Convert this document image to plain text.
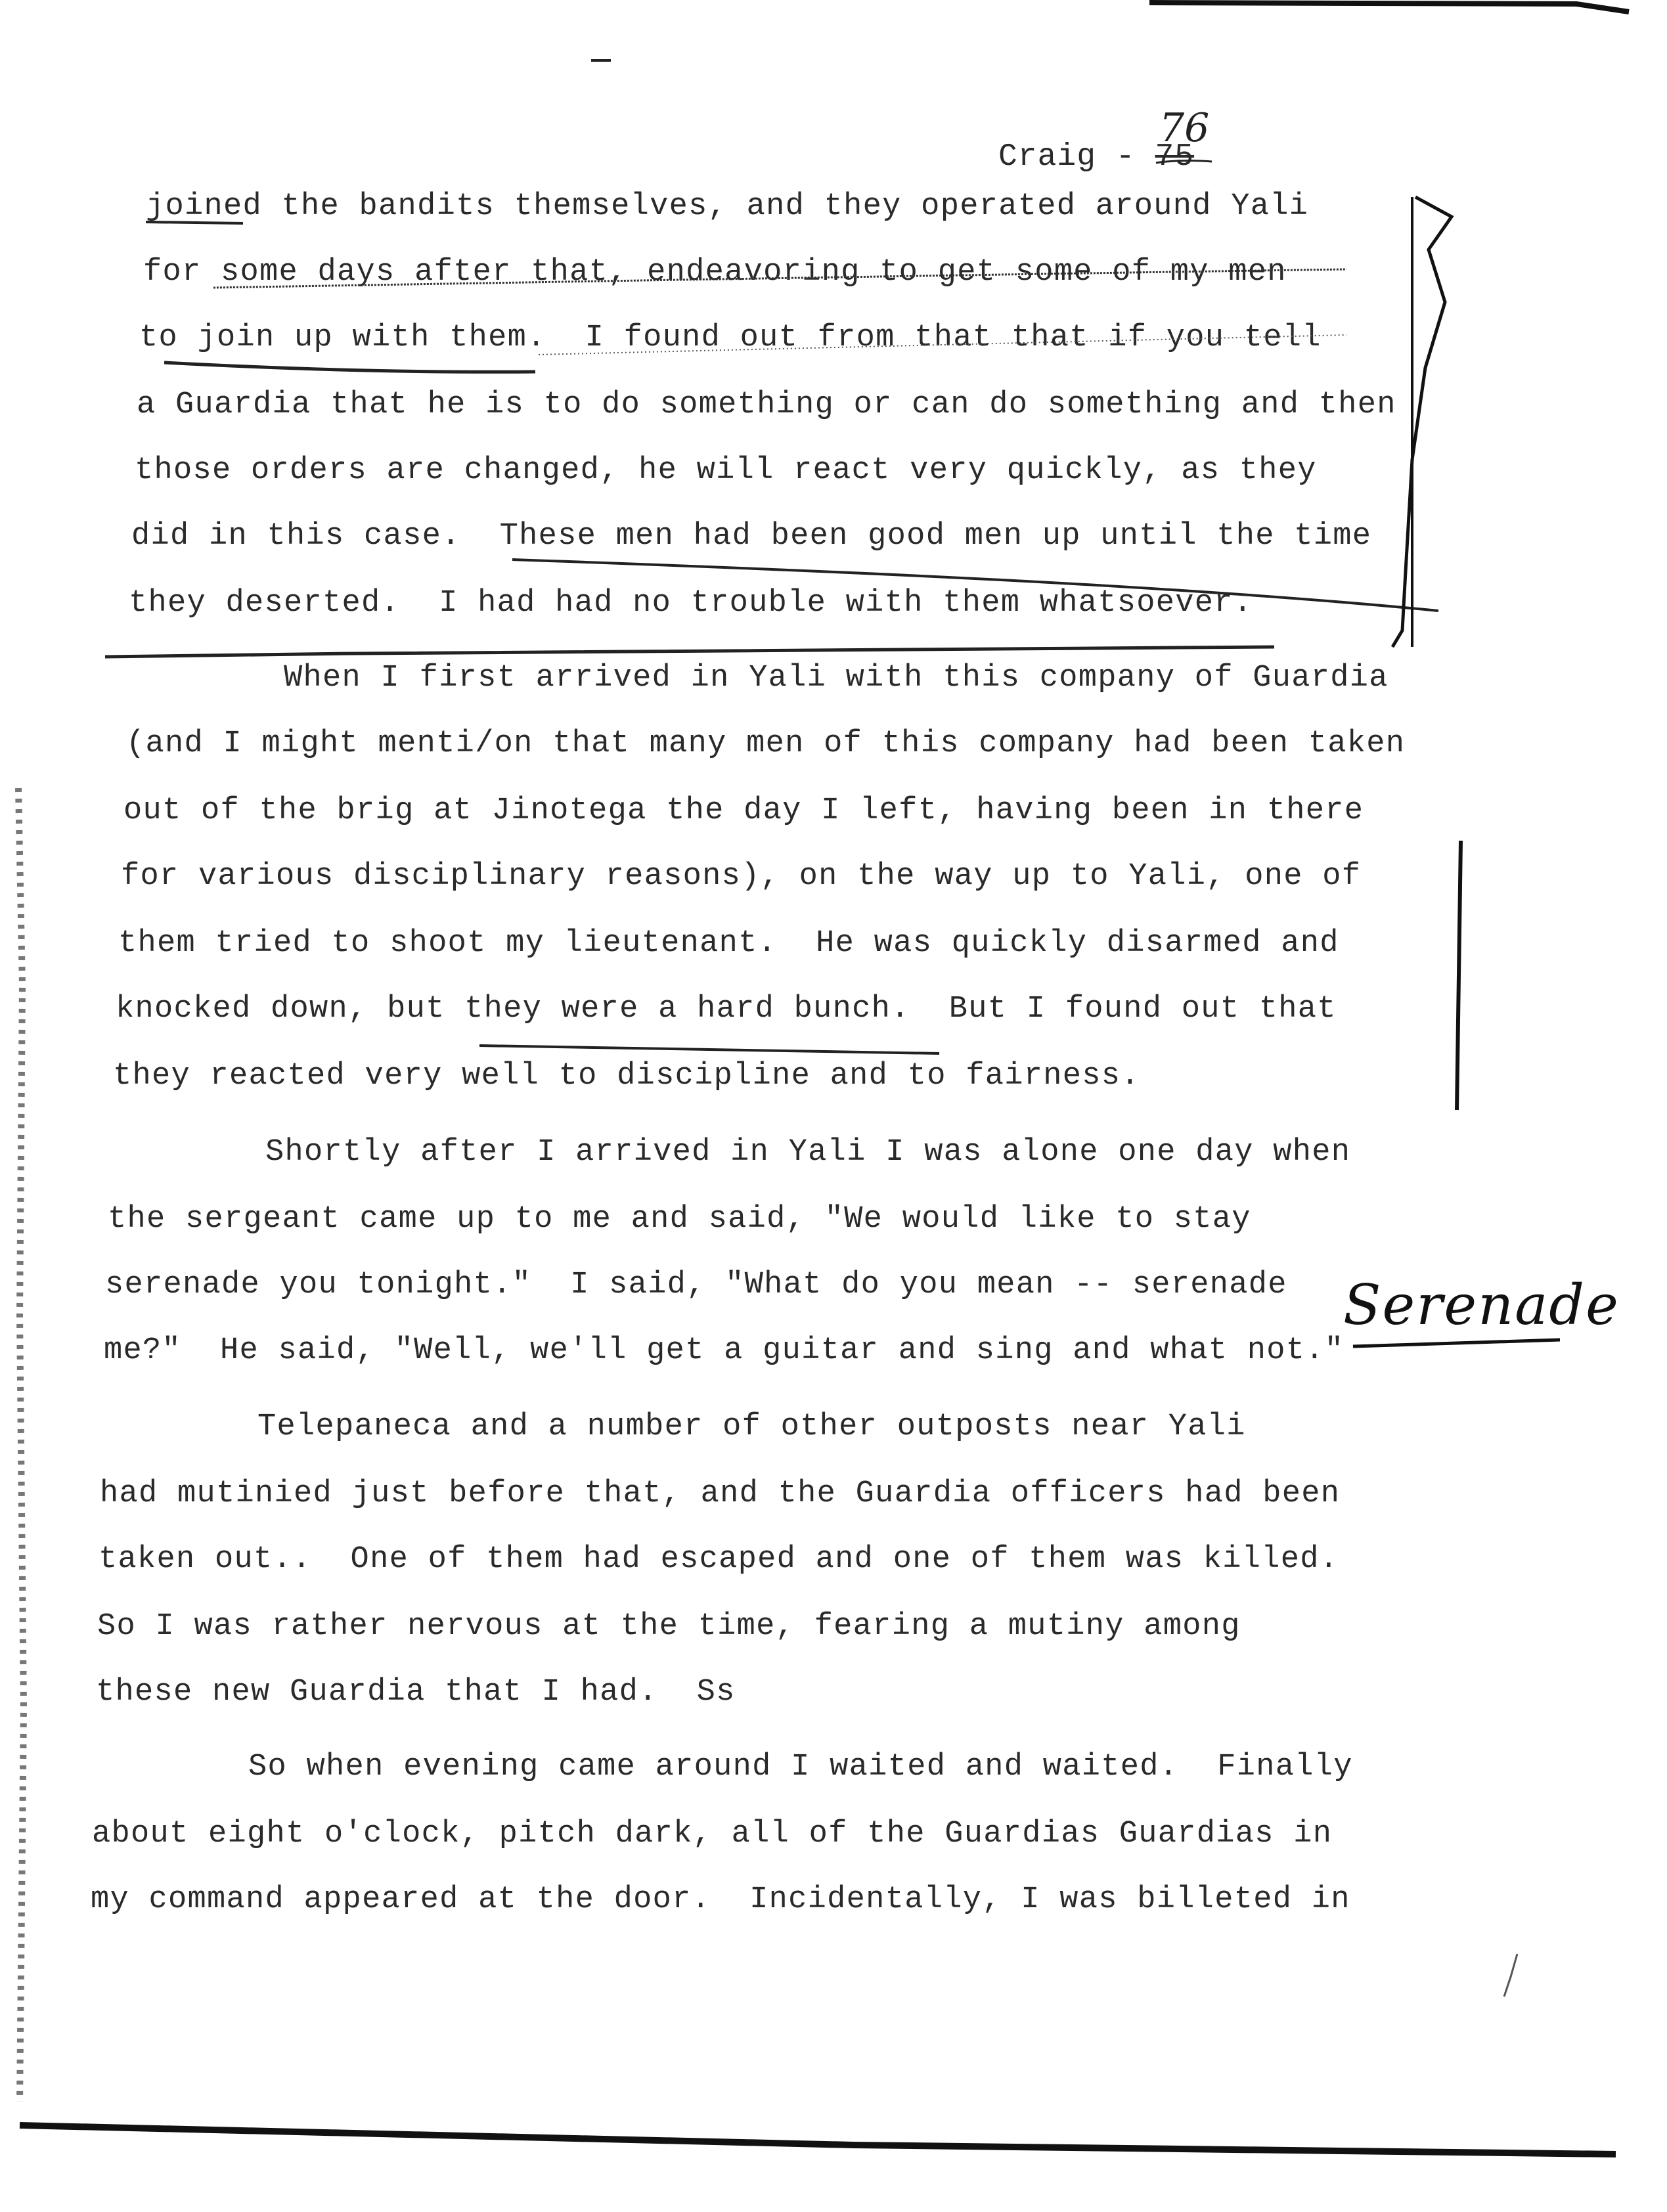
76
Craig - 75
joined the bandits themselves, and they operated around Yali
for some days after that, endeavoring to get some of my men
to join up with them.  I found out from that that if you tell
a Guardia that he is to do something or can do something and then
those orders are changed, he will react very quickly, as they
did in this case.  These men had been good men up until the time
they deserted.  I had had no trouble with them whatsoever.
When I first arrived in Yali with this company of Guardia
(and I might menti/on that many men of this company had been taken
out of the brig at Jinotega the day I left, having been in there
for various disciplinary reasons), on the way up to Yali, one of
them tried to shoot my lieutenant.  He was quickly disarmed and
knocked down, but they were a hard bunch.  But I found out that
they reacted very well to discipline and to fairness.
Shortly after I arrived in Yali I was alone one day when
the sergeant came up to me and said, "We would like to stay
serenade you tonight."  I said, "What do you mean -- serenade
me?"  He said, "Well, we'll get a guitar and sing and what not."
Telepaneca and a number of other outposts near Yali
had mutinied just before that, and the Guardia officers had been
taken out..  One of them had escaped and one of them was killed.
So I was rather nervous at the time, fearing a mutiny among
these new Guardia that I had.  Ss
So when evening came around I waited and waited.  Finally
about eight o'clock, pitch dark, all of the Guardias Guardias in
my command appeared at the door.  Incidentally, I was billeted in
Serenade
